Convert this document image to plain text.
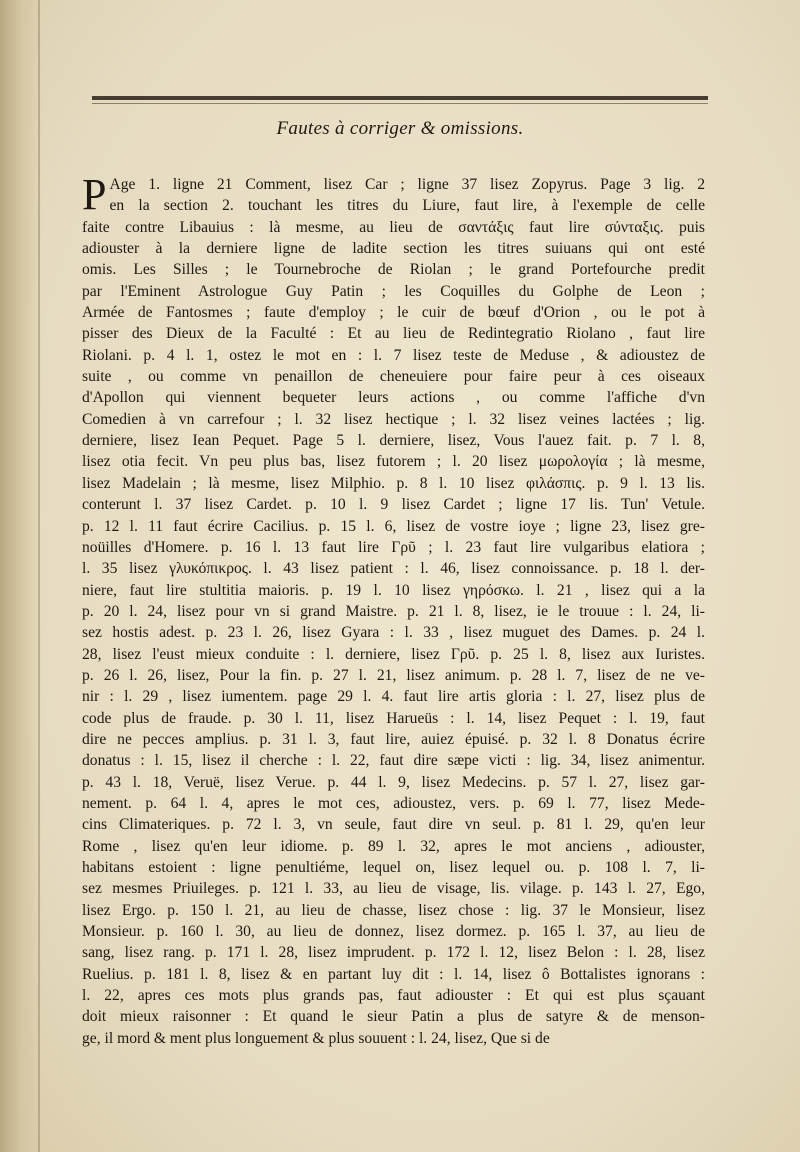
Fautes à corriger & omissions.
P Age 1. ligne 21 Comment, lisez Car ; ligne 37 lisez Zopyrus. Page 3 lig. 2
en la section 2. touchant les titres du Liure, faut lire, à l'exemple de celle
faite contre Libauius : là mesme, au lieu de σαντάξις faut lire σύνταξις. puis
adiouster à la derniere ligne de ladite section les titres suiuans qui ont esté
omis. Les Silles ; le Tournebroche de Riolan ; le grand Portefourche predit
par l'Eminent Astrologue Guy Patin ; les Coquilles du Golphe de Leon ;
Armée de Fantosmes ; faute d'employ ; le cuir de bœuf d'Orion , ou le pot à
pisser des Dieux de la Faculté : Et au lieu de Redintegratio Riolano , faut lire
Riolani. p. 4 l. 1, ostez le mot en : l. 7 lisez teste de Meduse , & adioustez de
suite , ou comme vn penaillon de cheneuiere pour faire peur à ces oiseaux
d'Apollon qui viennent bequeter leurs actions , ou comme l'affiche d'vn
Comedien à vn carrefour ; l. 32 lisez hectique ; l. 32 lisez veines lactées ; lig.
derniere, lisez Iean Pequet. Page 5 l. derniere, lisez, Vous l'auez fait. p. 7 l. 8,
lisez otia fecit. Vn peu plus bas, lisez futorem ; l. 20 lisez μωρολογία ; là mesme,
lisez Madelain ; là mesme, lisez Milphio. p. 8 l. 10 lisez φιλάσπις. p. 9 l. 13 lis.
conterunt l. 37 lisez Cardet. p. 10 l. 9 lisez Cardet ; ligne 17 lis. Tun' Vetule.
p. 12 l. 11 faut écrire Cacilius. p. 15 l. 6, lisez de vostre ioye ; ligne 23, lisez gre-
noüilles d'Homere. p. 16 l. 13 faut lire Γρῦ ; l. 23 faut lire vulgaribus elatiora ;
l. 35 lisez γλυκόπικρος. l. 43 lisez patient : l. 46, lisez connoissance. p. 18 l. der-
niere, faut lire stultitia maioris. p. 19 l. 10 lisez γηρόσκω. l. 21 , lisez qui a la
p. 20 l. 24, lisez pour vn si grand Maistre. p. 21 l. 8, lisez, ie le trouue : l. 24, li-
sez hostis adest. p. 23 l. 26, lisez Gyara : l. 33 , lisez muguet des Dames. p. 24 l.
28, lisez l'eust mieux conduite : l. derniere, lisez Γρῦ. p. 25 l. 8, lisez aux Iuristes.
p. 26 l. 26, lisez, Pour la fin. p. 27 l. 21, lisez animum. p. 28 l. 7, lisez de ne ve-
nir : l. 29 , lisez iumentem. page 29 l. 4. faut lire artis gloria : l. 27, lisez plus de
code plus de fraude. p. 30 l. 11, lisez Harueüs : l. 14, lisez Pequet : l. 19, faut
dire ne pecces amplius. p. 31 l. 3, faut lire, auiez épuisé. p. 32 l. 8 Donatus écrire
donatus : l. 15, lisez il cherche : l. 22, faut dire sæpe victi : lig. 34, lisez animentur.
p. 43 l. 18, Veruë, lisez Verue. p. 44 l. 9, lisez Medecins. p. 57 l. 27, lisez gar-
nement. p. 64 l. 4, apres le mot ces, adioustez, vers. p. 69 l. 77, lisez Mede-
cins Climateriques. p. 72 l. 3, vn seule, faut dire vn seul. p. 81 l. 29, qu'en leur
Rome , lisez qu'en leur idiome. p. 89 l. 32, apres le mot anciens , adiouster,
habitans estoient : ligne penultiéme, lequel on, lisez lequel ou. p. 108 l. 7, li-
sez mesmes Priuileges. p. 121 l. 33, au lieu de visage, lis. vilage. p. 143 l. 27, Ego,
lisez Ergo. p. 150 l. 21, au lieu de chasse, lisez chose : lig. 37 le Monsieur, lisez
Monsieur. p. 160 l. 30, au lieu de donnez, lisez dormez. p. 165 l. 37, au lieu de
sang, lisez rang. p. 171 l. 28, lisez imprudent. p. 172 l. 12, lisez Belon : l. 28, lisez
Ruelius. p. 181 l. 8, lisez & en partant luy dit : l. 14, lisez ô Bottalistes ignorans :
l. 22, apres ces mots plus grands pas, faut adiouster : Et qui est plus sçauant
doit mieux raisonner : Et quand le sieur Patin a plus de satyre & de menson-
ge, il mord & ment plus longuement & plus souuent : l. 24, lisez, Que si de
